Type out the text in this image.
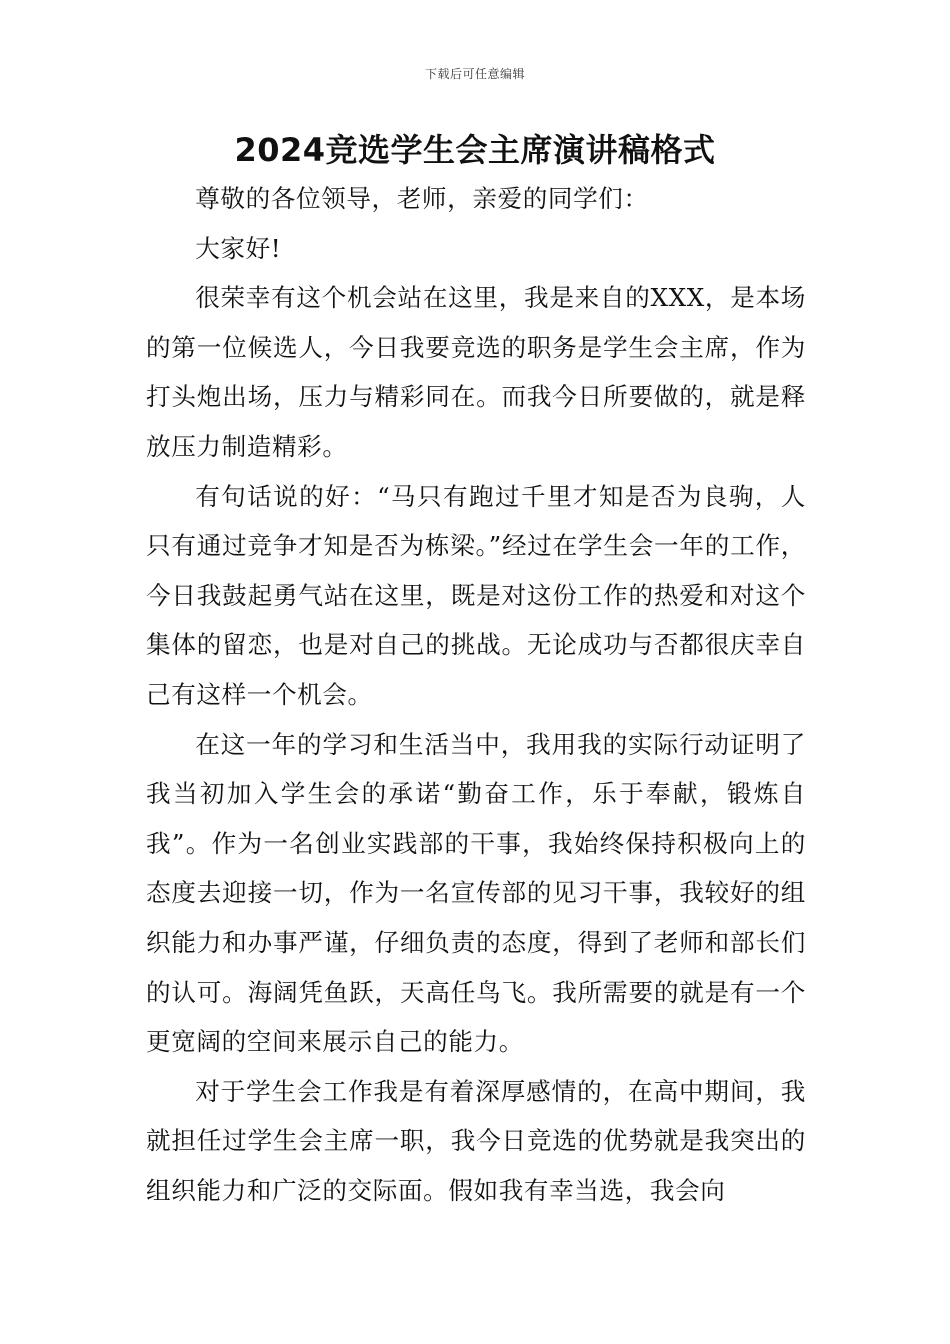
下载后可任意编辑
2024竞选学生会主席演讲稿格式

尊敬的各位领导，老师，亲爱的同学们：

大家好!

很荣幸有这个机会站在这里，我是来自的XXX，是本场的第一位候选人，今日我要竞选的职务是学生会主席，作为打头炮出场，压力与精彩同在。而我今日所要做的，就是释放压力制造精彩。

有句话说的好：“马只有跑过千里才知是否为良驹，人只有通过竞争才知是否为栋梁。”经过在学生会一年的工作，今日我鼓起勇气站在这里，既是对这份工作的热爱和对这个集体的留恋，也是对自己的挑战。无论成功与否都很庆幸自己有这样一个机会。

在这一年的学习和生活当中，我用我的实际行动证明了我当初加入学生会的承诺“勤奋工作，乐于奉献，锻炼自我”。作为一名创业实践部的干事，我始终保持积极向上的态度去迎接一切，作为一名宣传部的见习干事，我较好的组织能力和办事严谨，仔细负责的态度，得到了老师和部长们的认可。海阔凭鱼跃，天高任鸟飞。我所需要的就是有一个更宽阔的空间来展示自己的能力。

对于学生会工作我是有着深厚感情的，在高中期间，我就担任过学生会主席一职，我今日竞选的优势就是我突出的组织能力和广泛的交际面。假如我有幸当选，我会向
